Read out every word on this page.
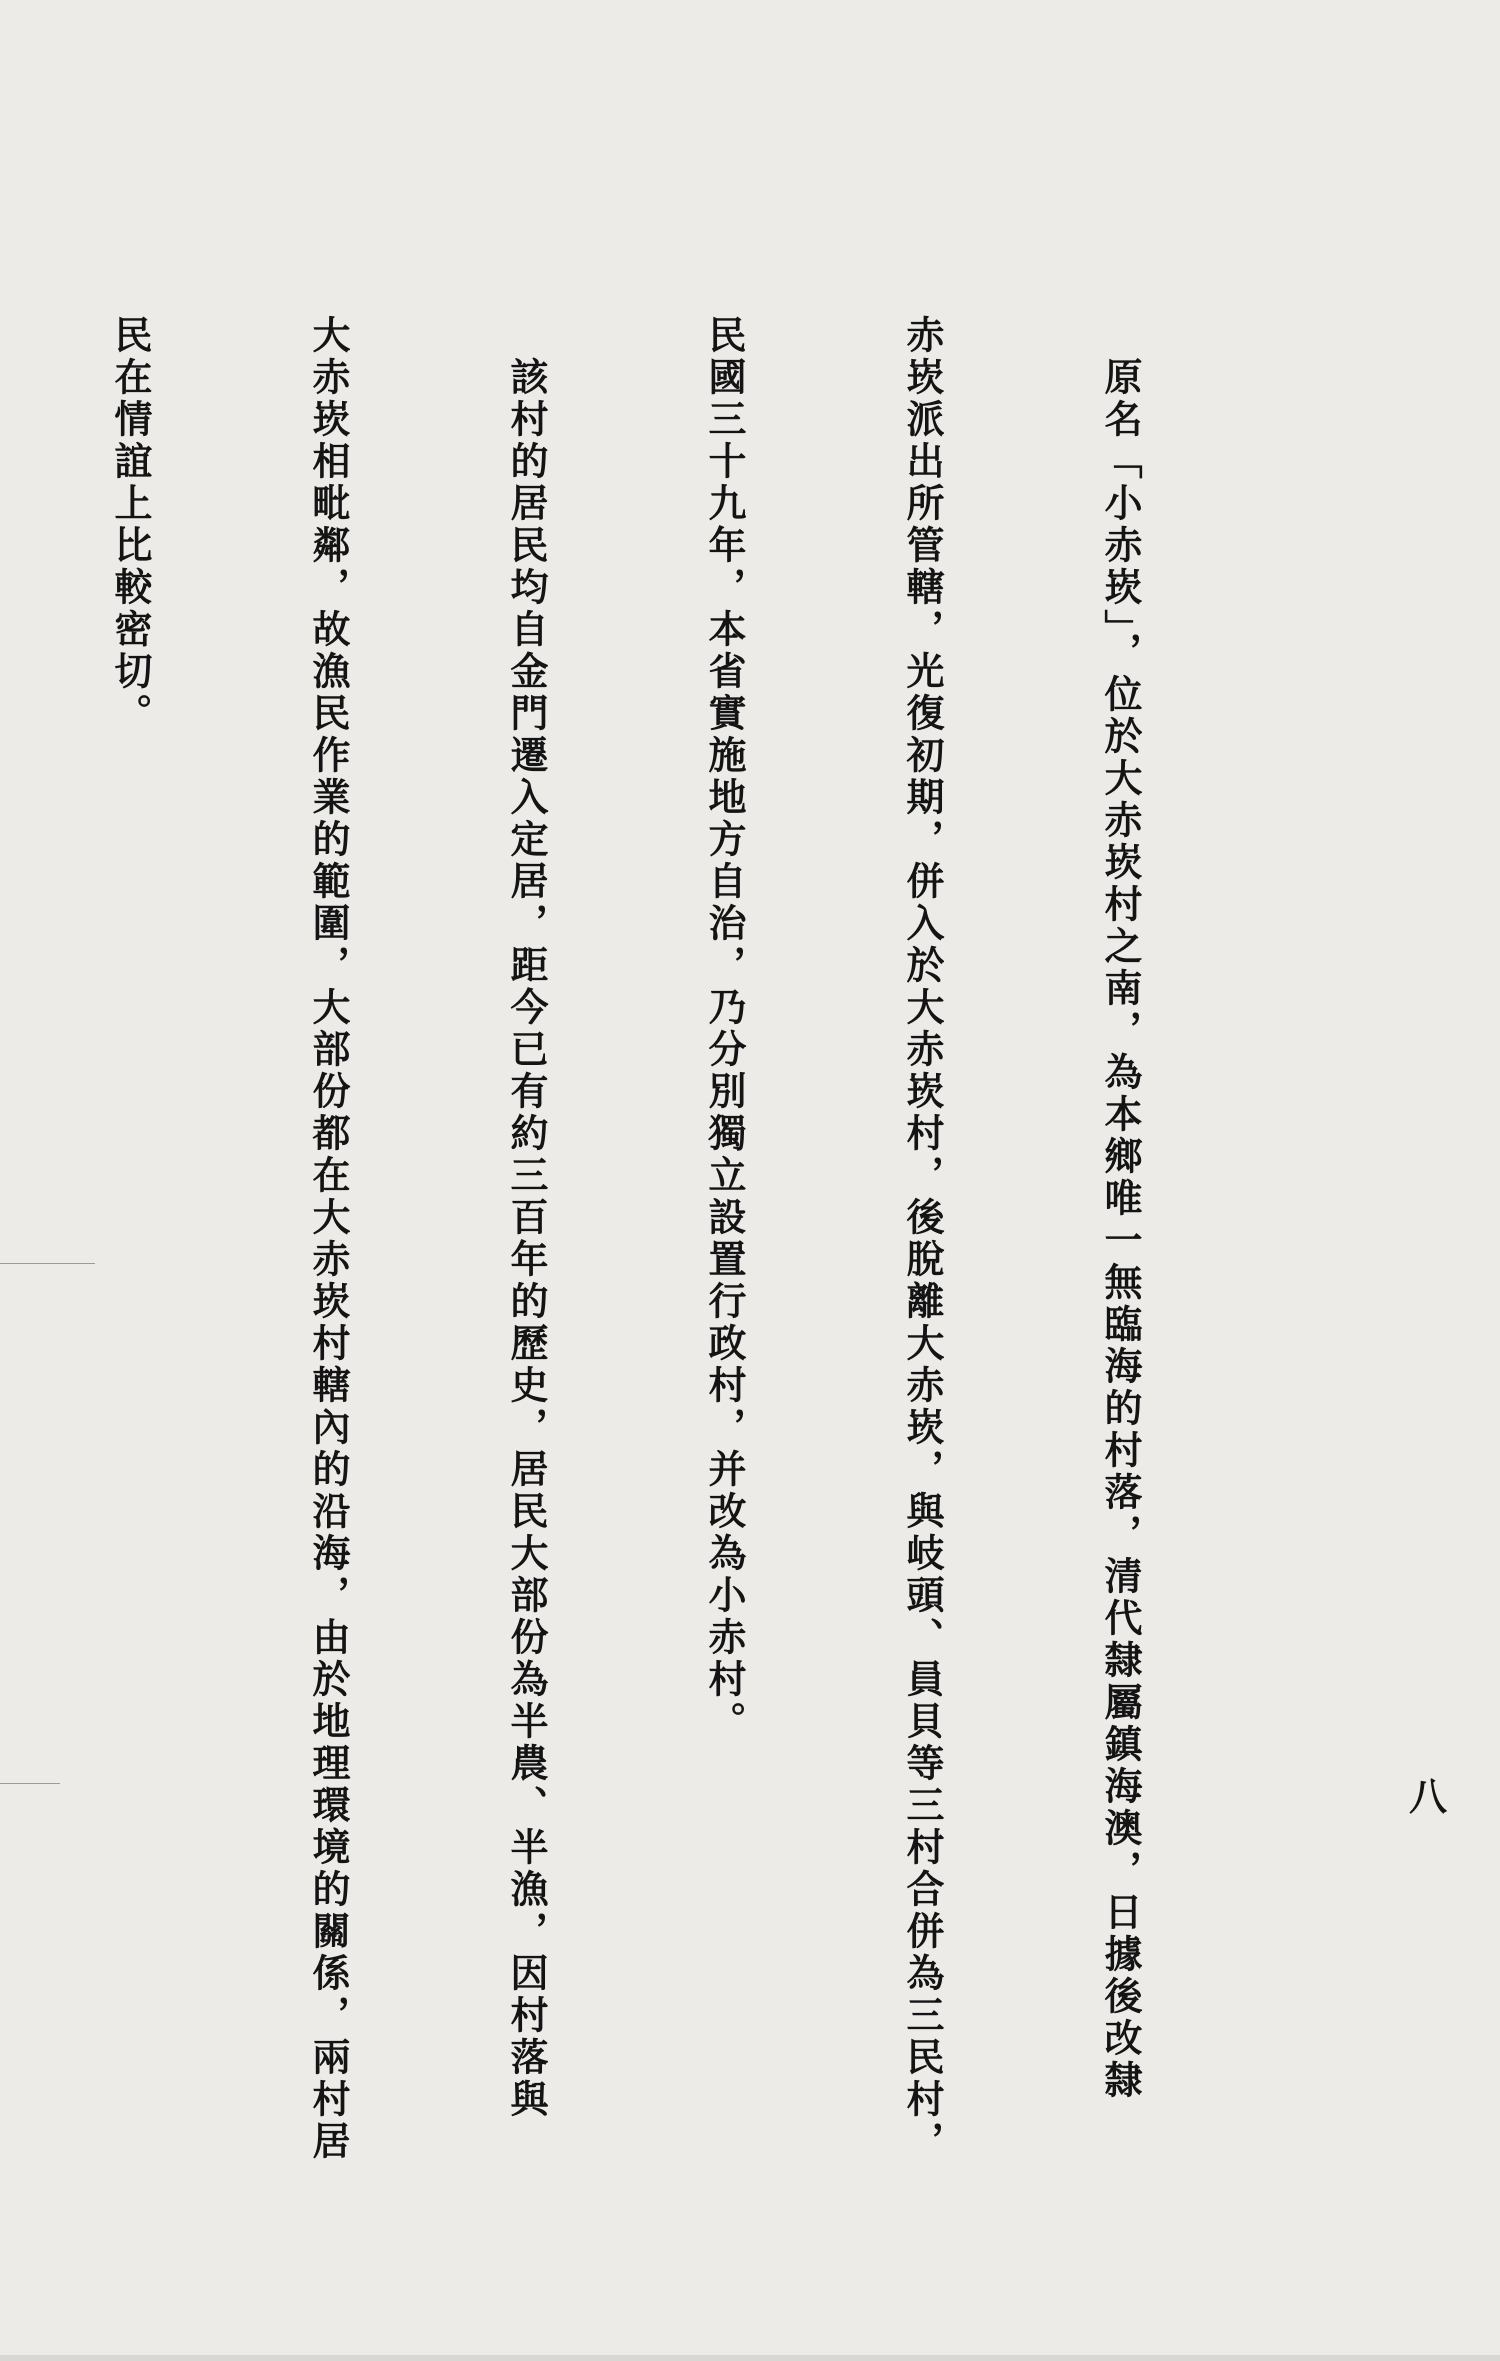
　原名「小赤崁」，位於大赤崁村之南，為本鄉唯一無臨海的村落，清代隸屬鎮海澳，日據後改隸

赤崁派出所管轄，光復初期，併入於大赤崁村，後脫離大赤崁，與岐頭、員貝等三村合併為三民村，

民國三十九年，本省實施地方自治，乃分別獨立設置行政村，并改為小赤村。

　該村的居民均自金門遷入定居，距今已有約三百年的歷史，居民大部份為半農、半漁，因村落與

大赤崁相毗鄰，故漁民作業的範圍，大部份都在大赤崁村轄內的沿海，由於地理環境的關係，兩村居

民在情誼上比較密切。

八
